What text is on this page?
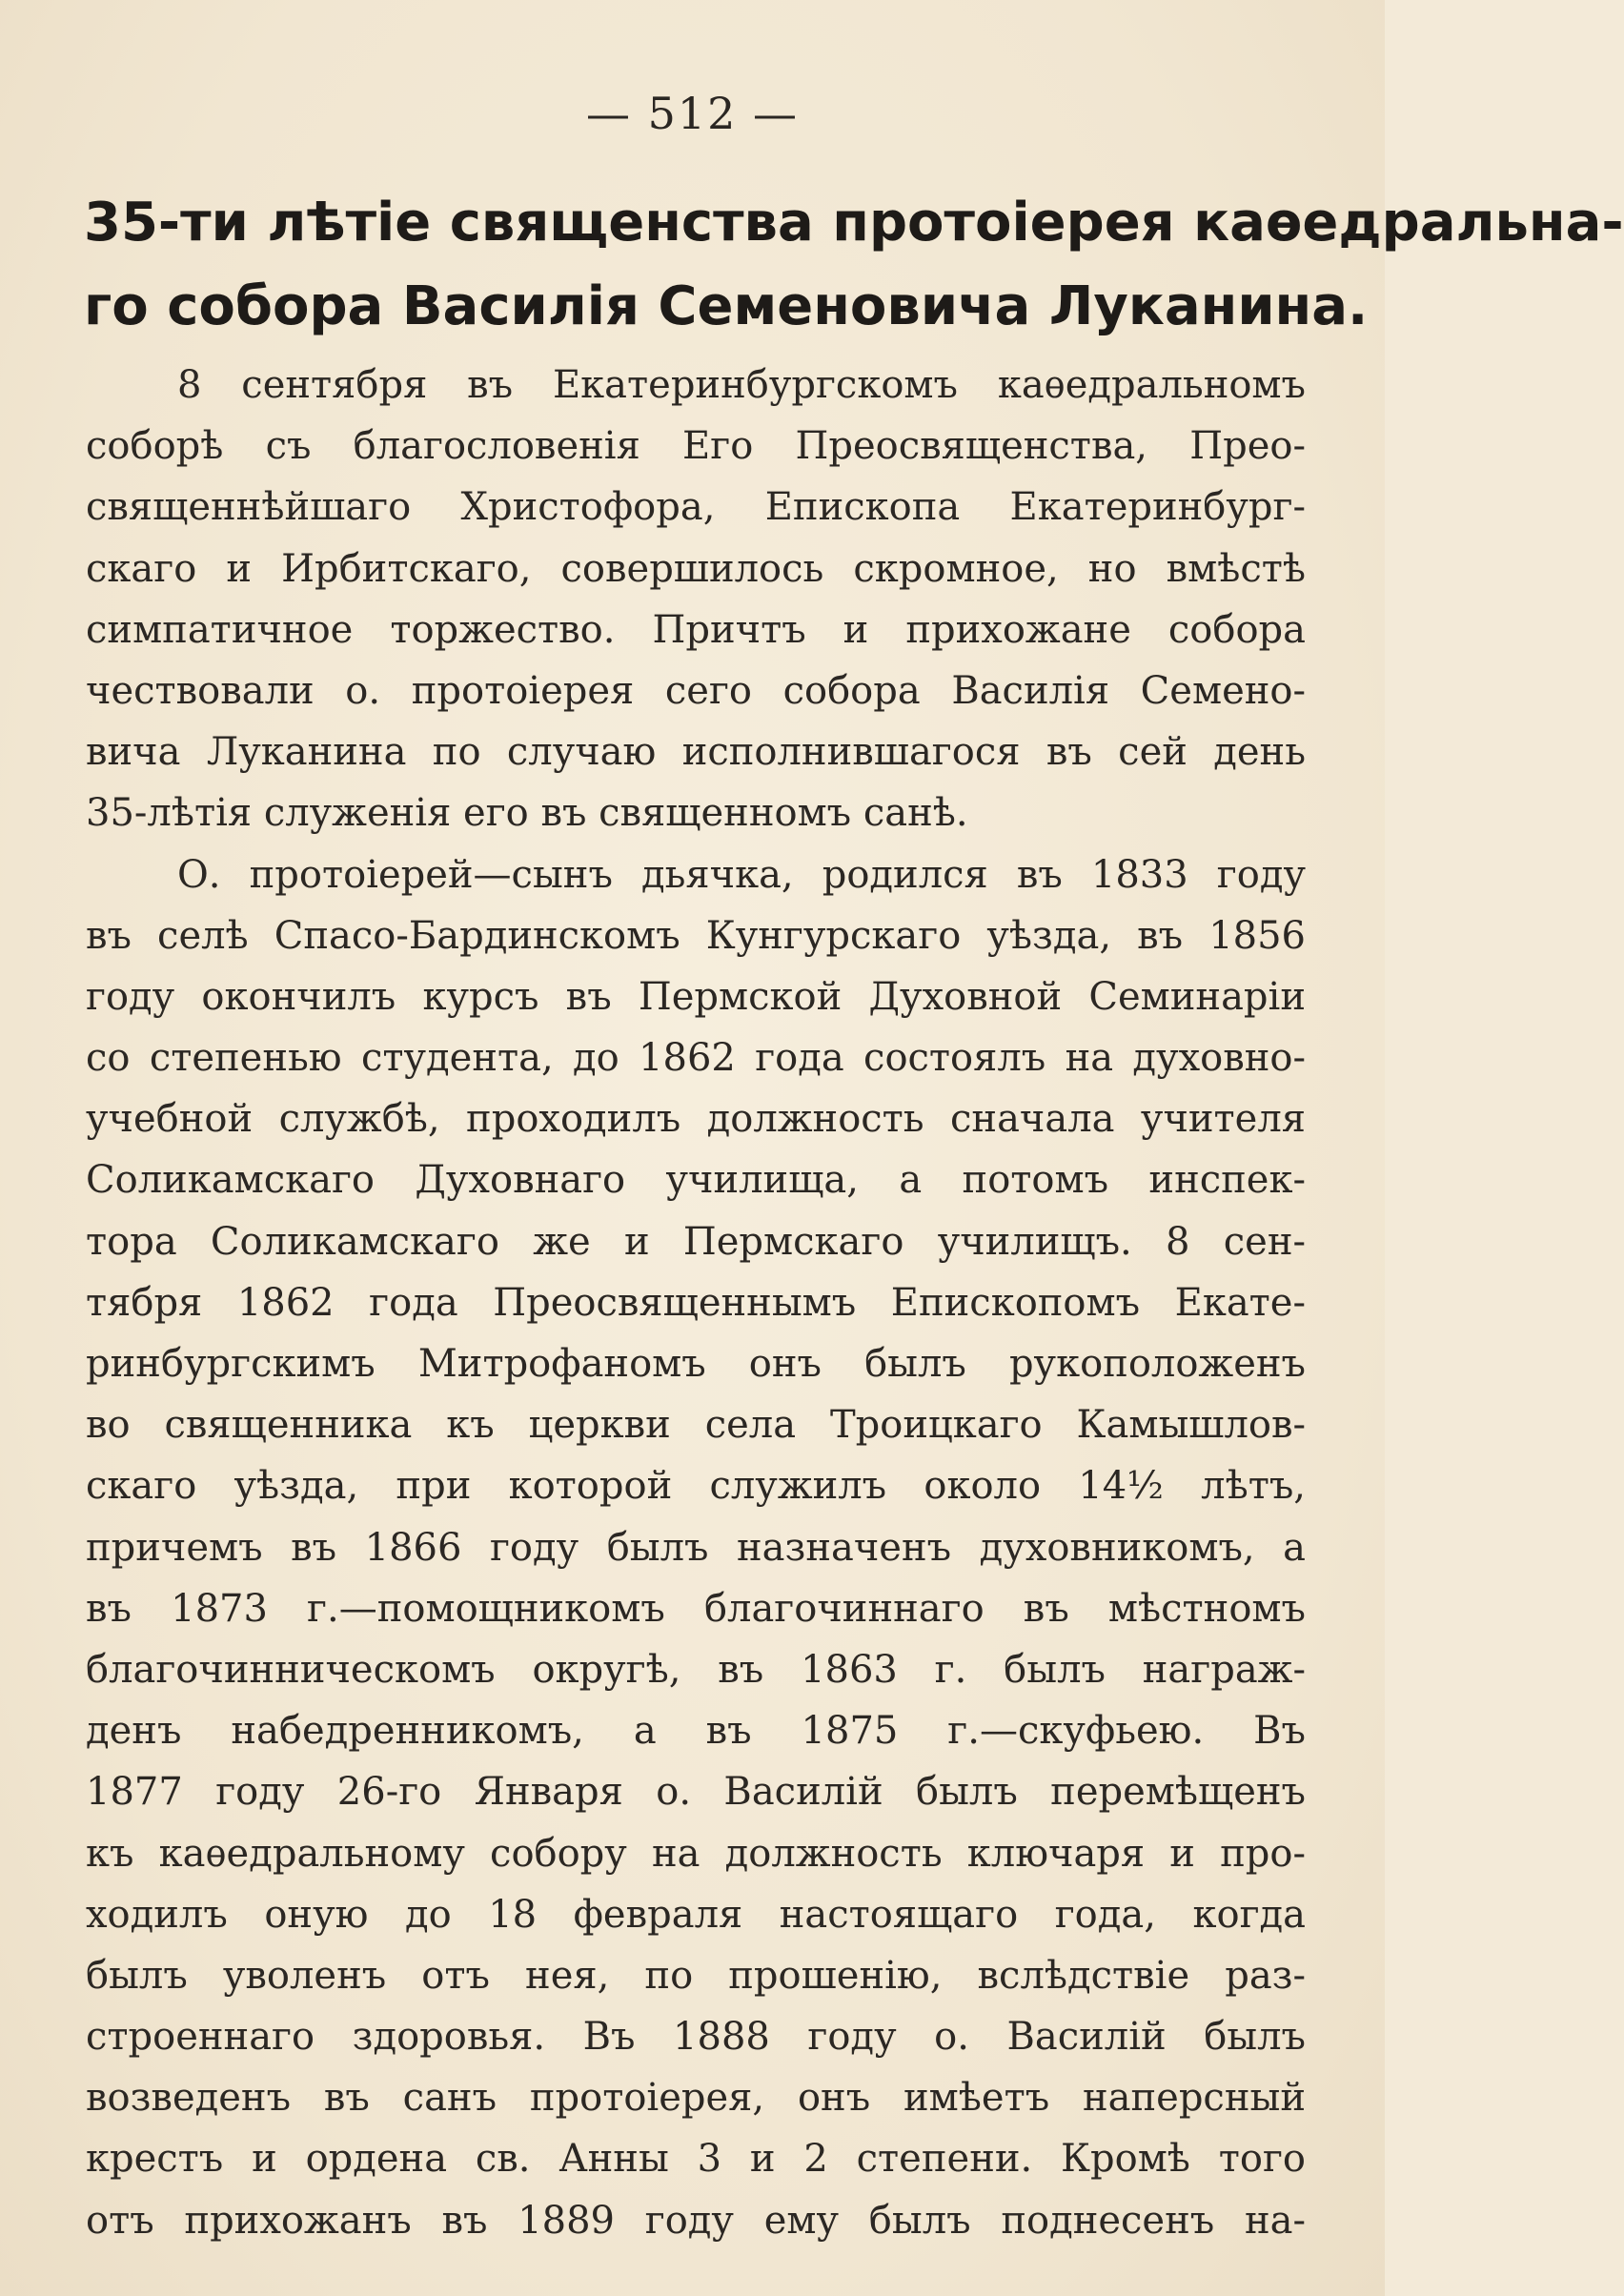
— 512 —
35-ти лѣтіе священства протоіерея каѳедральна-
го собора Василія Семеновича Луканина.
8 сентября въ Екатеринбургскомъ каѳедральномъ
соборѣ съ благословенія Его Преосвященства, Прео-
священнѣйшаго Христофора, Епископа Екатеринбург-
скаго и Ирбитскаго, совершилось скромное, но вмѣстѣ
симпатичное торжество. Причтъ и прихожане собора
чествовали о. протоіерея сего собора Василія Семено-
вича Луканина по случаю исполнившагося въ сей день
35-лѣтія служенія его въ священномъ санѣ.
О. протоіерей—сынъ дьячка, родился въ 1833 году
въ селѣ Спасо-Бардинскомъ Кунгурскаго уѣзда, въ 1856
году окончилъ курсъ въ Пермской Духовной Семинаріи
со степенью студента, до 1862 года состоялъ на духовно-
учебной службѣ, проходилъ должность сначала учителя
Соликамскаго Духовнаго училища, а потомъ инспек-
тора Соликамскаго же и Пермскаго училищъ. 8 сен-
тября 1862 года Преосвященнымъ Епископомъ Екате-
ринбургскимъ Митрофаномъ онъ былъ рукоположенъ
во священника къ церкви села Троицкаго Камышлов-
скаго уѣзда, при которой служилъ около 14½ лѣтъ,
причемъ въ 1866 году былъ назначенъ духовникомъ, а
въ 1873 г.—помощникомъ благочиннаго въ мѣстномъ
благочинническомъ округѣ, въ 1863 г. былъ награж-
денъ набедренникомъ, а въ 1875 г.—скуфьею. Въ
1877 году 26-го Января о. Василій былъ перемѣщенъ
къ каѳедральному собору на должность ключаря и про-
ходилъ оную до 18 февраля настоящаго года, когда
былъ уволенъ отъ нея, по прошенію, вслѣдствіе раз-
строеннаго здоровья. Въ 1888 году о. Василій былъ
возведенъ въ санъ протоіерея, онъ имѣетъ наперсный
крестъ и ордена св. Анны 3 и 2 степени. Кромѣ того
отъ прихожанъ въ 1889 году ему былъ поднесенъ на-
